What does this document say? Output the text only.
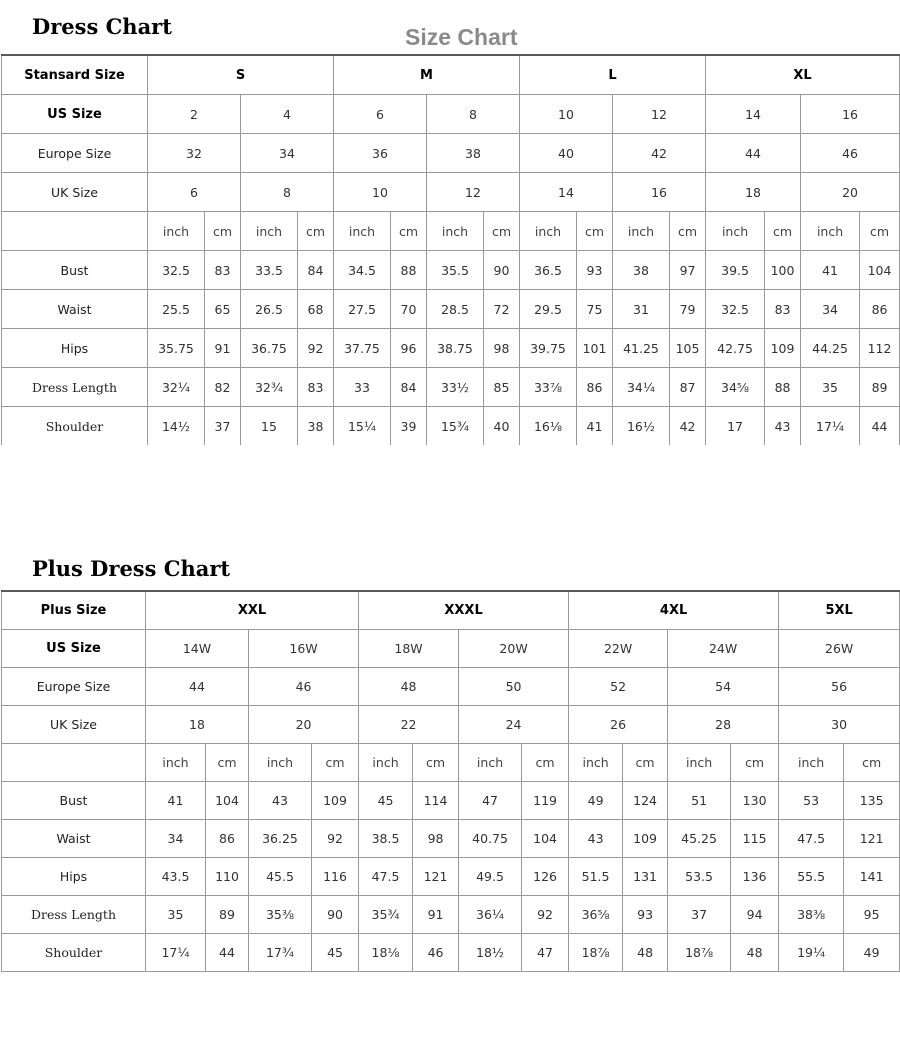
Dress Chart	Size Chart
Plus Dress Chart
Stansard Size	S				M				L				XL			
US Size	2		4		6		8		10		12		14		16	
Europe Size	32		34		36		38		40		42		44		46	
UK Size	6		8		10		12		14		16		18		20	
	inch	cm	inch	cm	inch	cm	inch	cm	inch	cm	inch	cm	inch	cm	inch	cm
Bust	32.5	83	33.5	84	34.5	88	35.5	90	36.5	93	38	97	39.5	100	41	104
Waist	25.5	65	26.5	68	27.5	70	28.5	72	29.5	75	31	79	32.5	83	34	86
Hips	35.75	91	36.75	92	37.75	96	38.75	98	39.75	101	41.25	105	42.75	109	44.25	112
Dress Length	32¼	82	32¾	83	33	84	33½	85	33⅞	86	34¼	87	34⅝	88	35	89
Shoulder	14½	37	15	38	15¼	39	15¾	40	16⅛	41	16½	42	17	43	17¼	44
Plus Size	XXL				XXXL				4XL				5XL	
US Size	14W		16W		18W		20W		22W		24W		26W	
Europe Size	44		46		48		50		52		54		56	
UK Size	18		20		22		24		26		28		30	
	inch	cm	inch	cm	inch	cm	inch	cm	inch	cm	inch	cm	inch	cm
Bust	41	104	43	109	45	114	47	119	49	124	51	130	53	135
Waist	34	86	36.25	92	38.5	98	40.75	104	43	109	45.25	115	47.5	121
Hips	43.5	110	45.5	116	47.5	121	49.5	126	51.5	131	53.5	136	55.5	141
Dress Length	35	89	35⅜	90	35¾	91	36¼	92	36⅝	93	37	94	38⅜	95
Shoulder	17¼	44	17¾	45	18⅛	46	18½	47	18⅞	48	18⅞	48	19¼	49
